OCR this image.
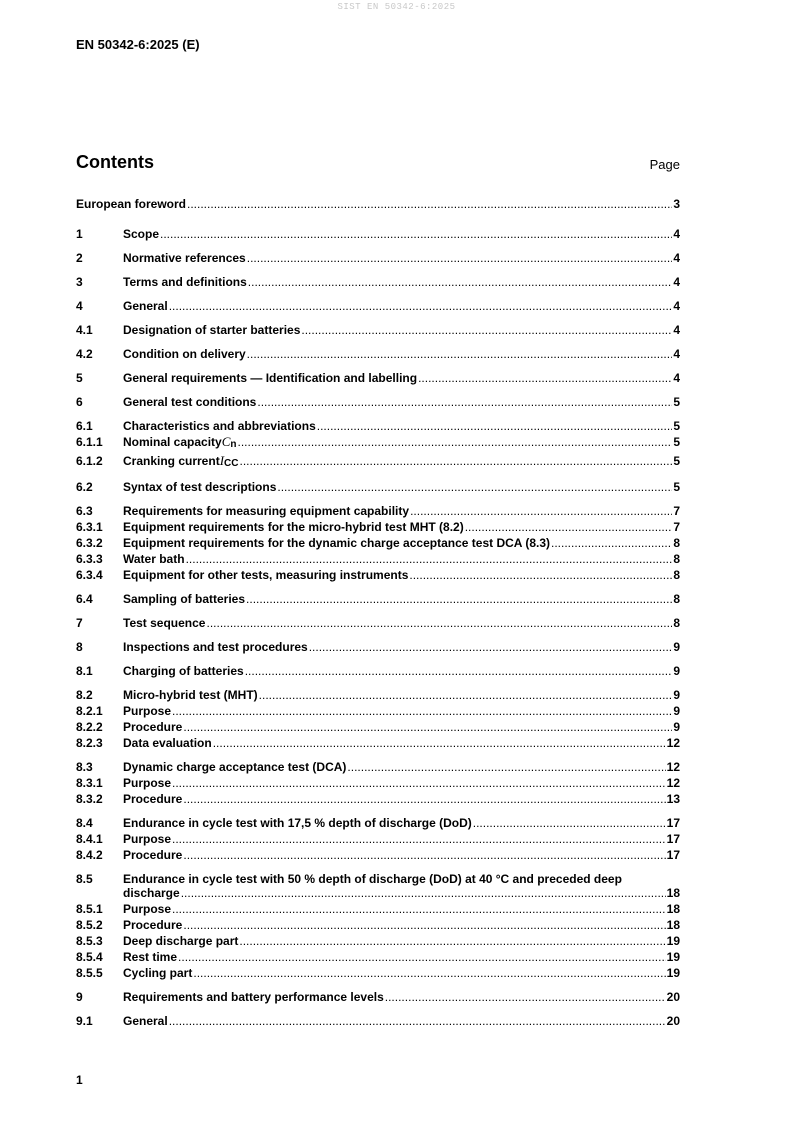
SIST EN 50342-6:2025
EN 50342-6:2025 (E)
Contents	Page
European foreword .....	3
1	Scope .....	4
2	Normative references .....	4
3	Terms and definitions .....	4
4	General .....	4
4.1	Designation of starter batteries .....	4
4.2	Condition on delivery .....	4
5	General requirements — Identification and labelling .....	4
6	General test conditions .....	5
6.1	Characteristics and abbreviations .....	5
6.1.1 Nominal capacity C n .....	5
6.1.2 Cranking current I CC .....	5
6.2	Syntax of test descriptions .....	5
6.3	Requirements for measuring equipment capability .....	7
6.3.1 Equipment requirements for the micro-hybrid test MHT (8.2) .....	7
6.3.2 Equipment requirements for the dynamic charge acceptance test DCA (8.3) .....	8
6.3.3 Water bath .....	8
6.3.4 Equipment for other tests, measuring instruments .....	8
6.4	Sampling of batteries .....	8
7	Test sequence .....	8
8	Inspections and test procedures .....	9
8.1	Charging of batteries .....	9
8.2	Micro-hybrid test (MHT) .....	9
8.2.1 Purpose .....	9
8.2.2 Procedure .....	9
8.2.3 Data evaluation .....	12
8.3	Dynamic charge acceptance test (DCA) .....	12
8.3.1 Purpose .....	12
8.3.2 Procedure .....	13
8.4	Endurance in cycle test with 17,5 % depth of discharge (DoD) .....	17
8.4.1 Purpose .....	17
8.4.2 Procedure .....	17
8.5	Endurance in cycle test with 50 % depth of discharge (DoD) at 40 °C and preceded deep
discharge .....	18
8.5.1 Purpose .....	18
8.5.2 Procedure .....	18
8.5.3 Deep discharge part .....	19
8.5.4 Rest time .....	19
8.5.5 Cycling part .....	19
9	Requirements and battery performance levels .....	20
9.1	General .....	20
1
